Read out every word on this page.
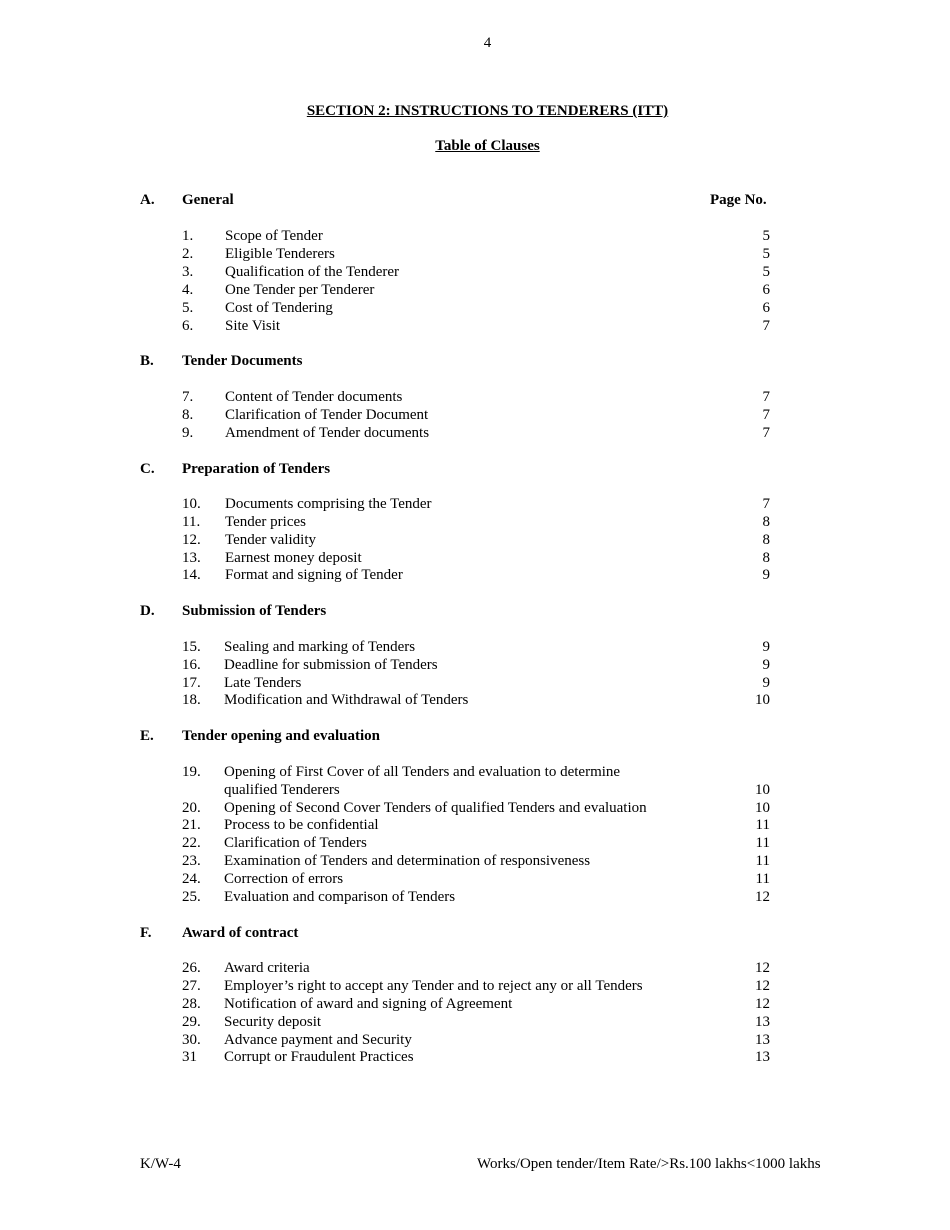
4
SECTION 2: INSTRUCTIONS TO TENDERERS (ITT)
Table of Clauses
A. General	Page No.
1. Scope of Tender	5
2. Eligible Tenderers	5
3. Qualification of the Tenderer	5
4. One Tender per Tenderer	6
5. Cost of Tendering	6
6. Site Visit	7
B. Tender Documents
7. Content of Tender documents	7
8. Clarification of Tender Document	7
9. Amendment of Tender documents	7
C. Preparation of Tenders
10. Documents comprising the Tender	7
11. Tender prices	8
12. Tender validity	8
13. Earnest money deposit	8
14. Format and signing of Tender	9
D. Submission of Tenders
15. Sealing and marking of Tenders	9
16. Deadline for submission of Tenders	9
17. Late Tenders	9
18. Modification and Withdrawal of Tenders	10
E. Tender opening and evaluation
19. Opening of First Cover of all Tenders and evaluation to determine
qualified Tenderers	10
20. Opening of Second Cover Tenders of qualified Tenders and evaluation	10
21. Process to be confidential	11
22. Clarification of Tenders	11
23. Examination of Tenders and determination of responsiveness	11
24. Correction of errors	11
25. Evaluation and comparison of Tenders	12
F. Award of contract
26. Award criteria	12
27. Employer’s right to accept any Tender and to reject any or all Tenders	12
28. Notification of award and signing of Agreement	12
29. Security deposit	13
30. Advance payment and Security	13
31 Corrupt or Fraudulent Practices	13
K/W-4	Works/Open tender/Item Rate/>Rs.100 lakhs<1000 lakhs
